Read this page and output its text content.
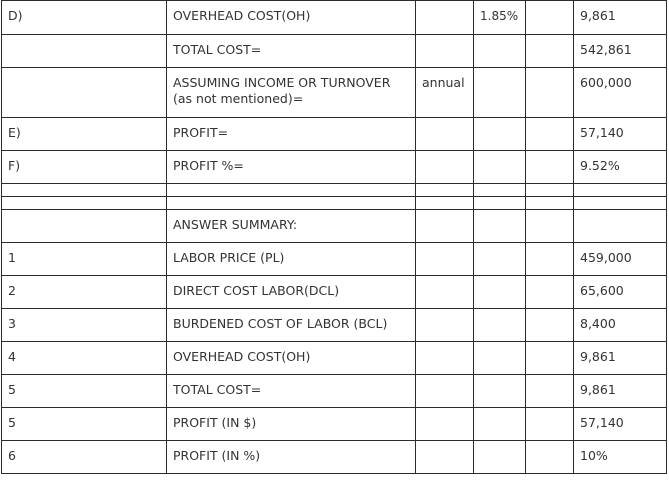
D)	OVERHEAD COST(OH)		1.85%		9,861
	TOTAL COST=				542,861
	ASSUMING INCOME OR TURNOVER (as not mentioned)=	annual			600,000
E)	PROFIT=				57,140
F)	PROFIT %=				9.52%

	ANSWER SUMMARY:				
1	LABOR PRICE (PL)				459,000
2	DIRECT COST LABOR(DCL)				65,600
3	BURDENED COST OF LABOR (BCL)				8,400
4	OVERHEAD COST(OH)				9,861
5	TOTAL COST=				9,861
5	PROFIT (IN $)				57,140
6	PROFIT (IN %)				10%
